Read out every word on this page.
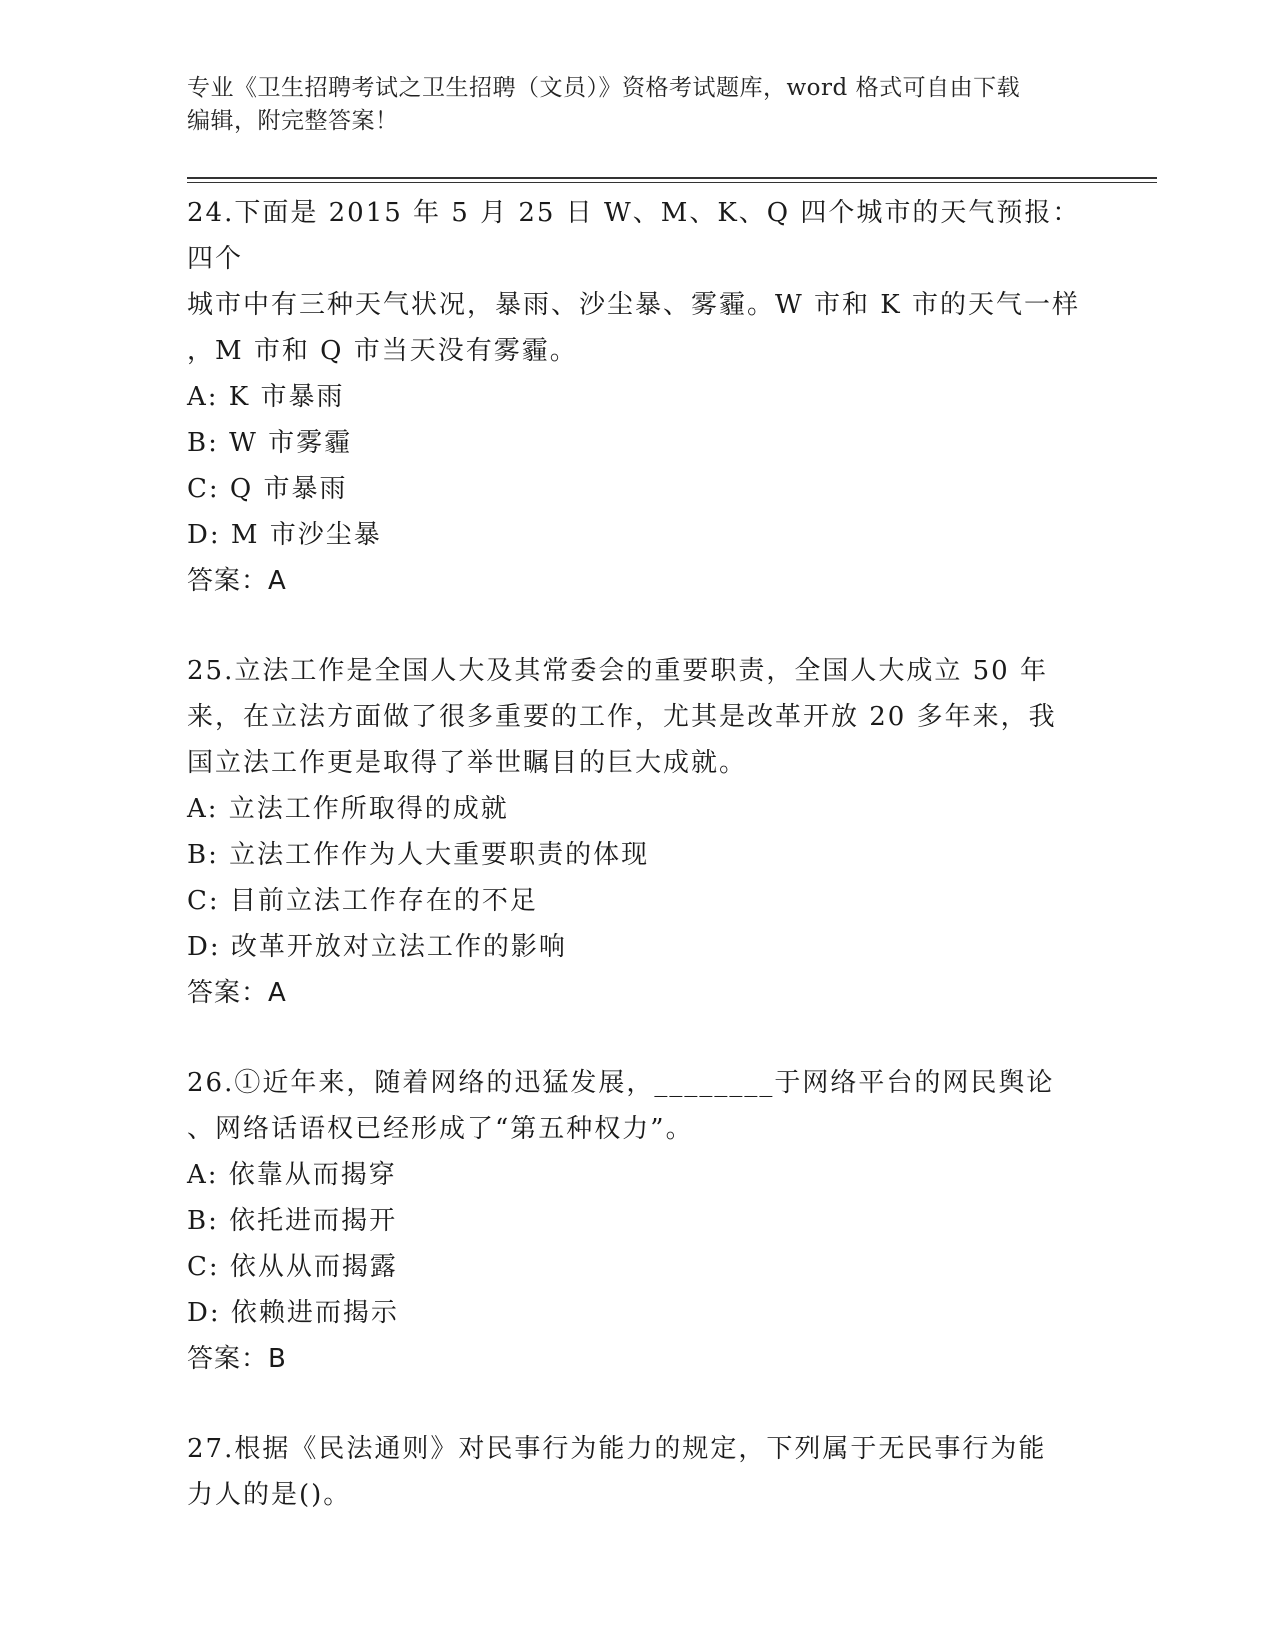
专业《卫生招聘考试之卫生招聘（文员）》资格考试题库，word 格式可自由下载
编辑，附完整答案！
24.下面是 2015 年 5 月 25 日 W、M、K、Q 四个城市的天气预报：四个
城市中有三种天气状况，暴雨、沙尘暴、雾霾。W 市和 K 市的天气一样
，M 市和 Q 市当天没有雾霾。
A: K 市暴雨
B: W 市雾霾
C: Q 市暴雨
D: M 市沙尘暴
答案：A
25.立法工作是全国人大及其常委会的重要职责，全国人大成立 50 年
来，在立法方面做了很多重要的工作，尤其是改革开放 20 多年来，我
国立法工作更是取得了举世瞩目的巨大成就。
A: 立法工作所取得的成就
B: 立法工作作为人大重要职责的体现
C: 目前立法工作存在的不足
D: 改革开放对立法工作的影响
答案：A
26.①近年来，随着网络的迅猛发展，________于网络平台的网民舆论
、网络话语权已经形成了“第五种权力”。
A: 依靠从而揭穿
B: 依托进而揭开
C: 依从从而揭露
D: 依赖进而揭示
答案：B
27.根据《民法通则》对民事行为能力的规定，下列属于无民事行为能
力人的是()。
